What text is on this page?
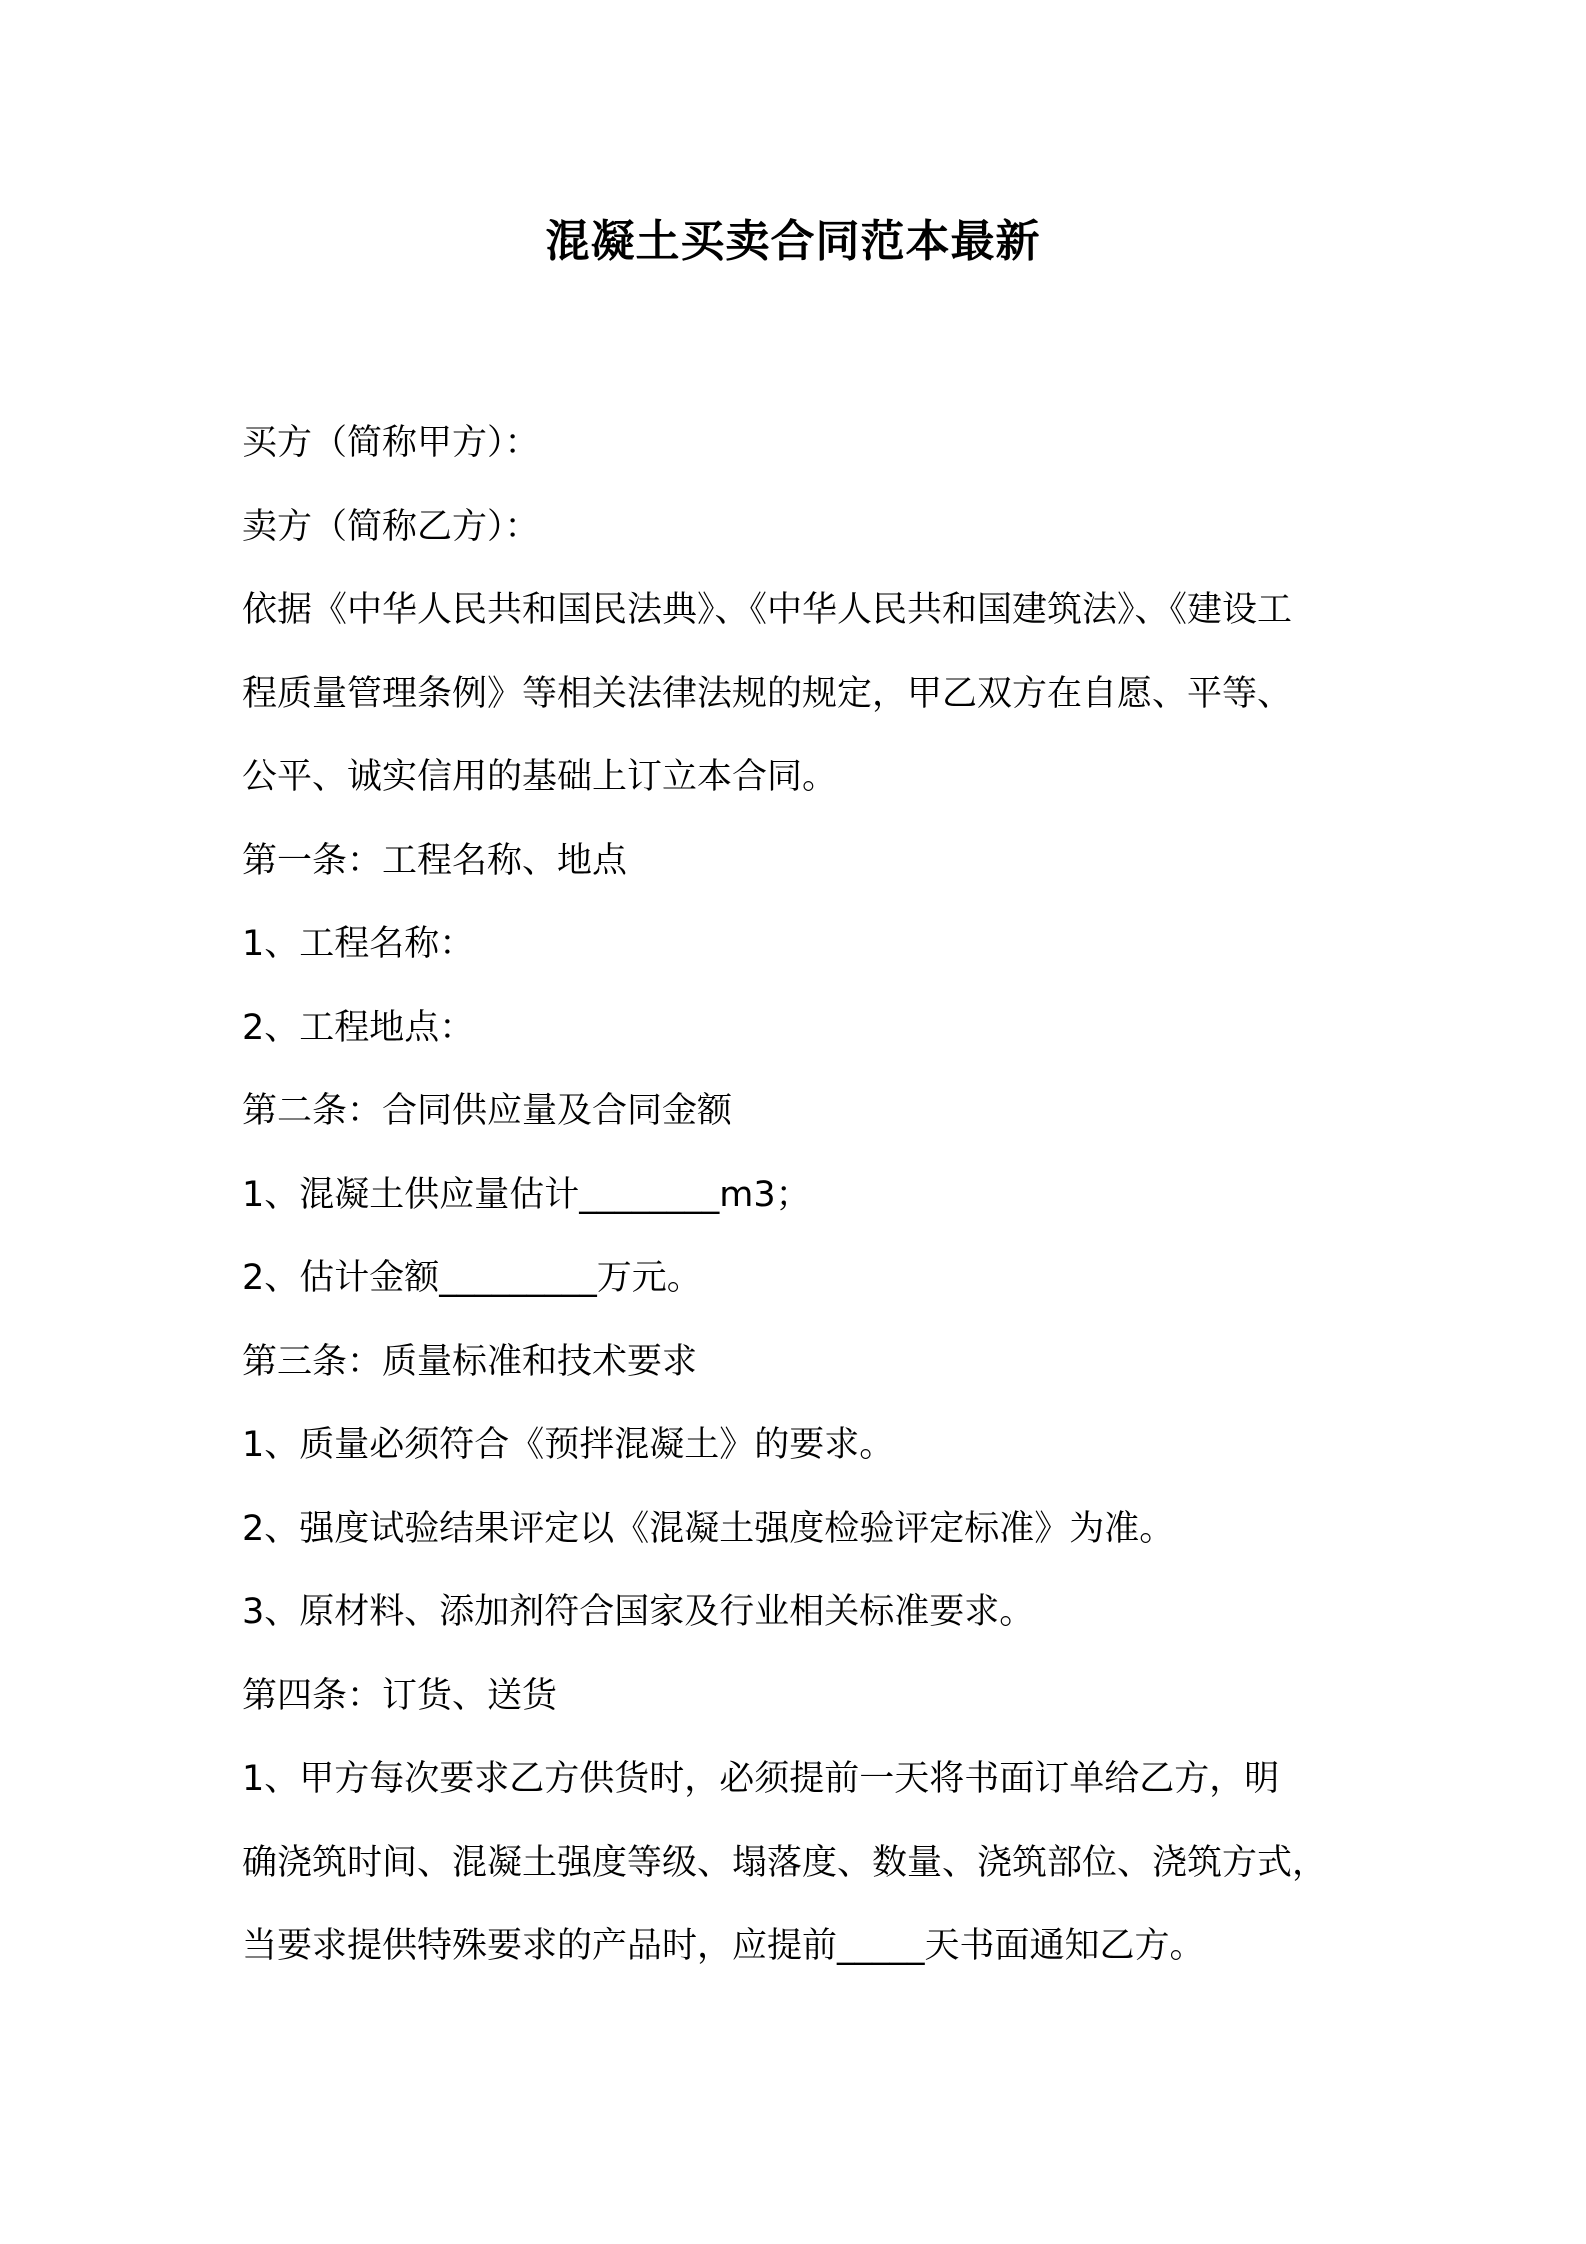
混凝土买卖合同范本最新
买方（简称甲方）：
卖方（简称乙方）：
依据《中华人民共和国民法典》、《中华人民共和国建筑法》、《建设工
程质量管理条例》等相关法律法规的规定，甲乙双方在自愿、平等、
公平、诚实信用的基础上订立本合同。
第一条：工程名称、地点
1、工程名称：
2、工程地点：
第二条：合同供应量及合同金额
1、混凝土供应量估计________m3；
2、估计金额_________万元。
第三条：质量标准和技术要求
1、质量必须符合《预拌混凝土》的要求。
2、强度试验结果评定以《混凝土强度检验评定标准》为准。
3、原材料、添加剂符合国家及行业相关标准要求。
第四条：订货、送货
1、甲方每次要求乙方供货时，必须提前一天将书面订单给乙方，明
确浇筑时间、混凝土强度等级、塌落度、数量、浇筑部位、浇筑方式，
当要求提供特殊要求的产品时，应提前_____天书面通知乙方。
